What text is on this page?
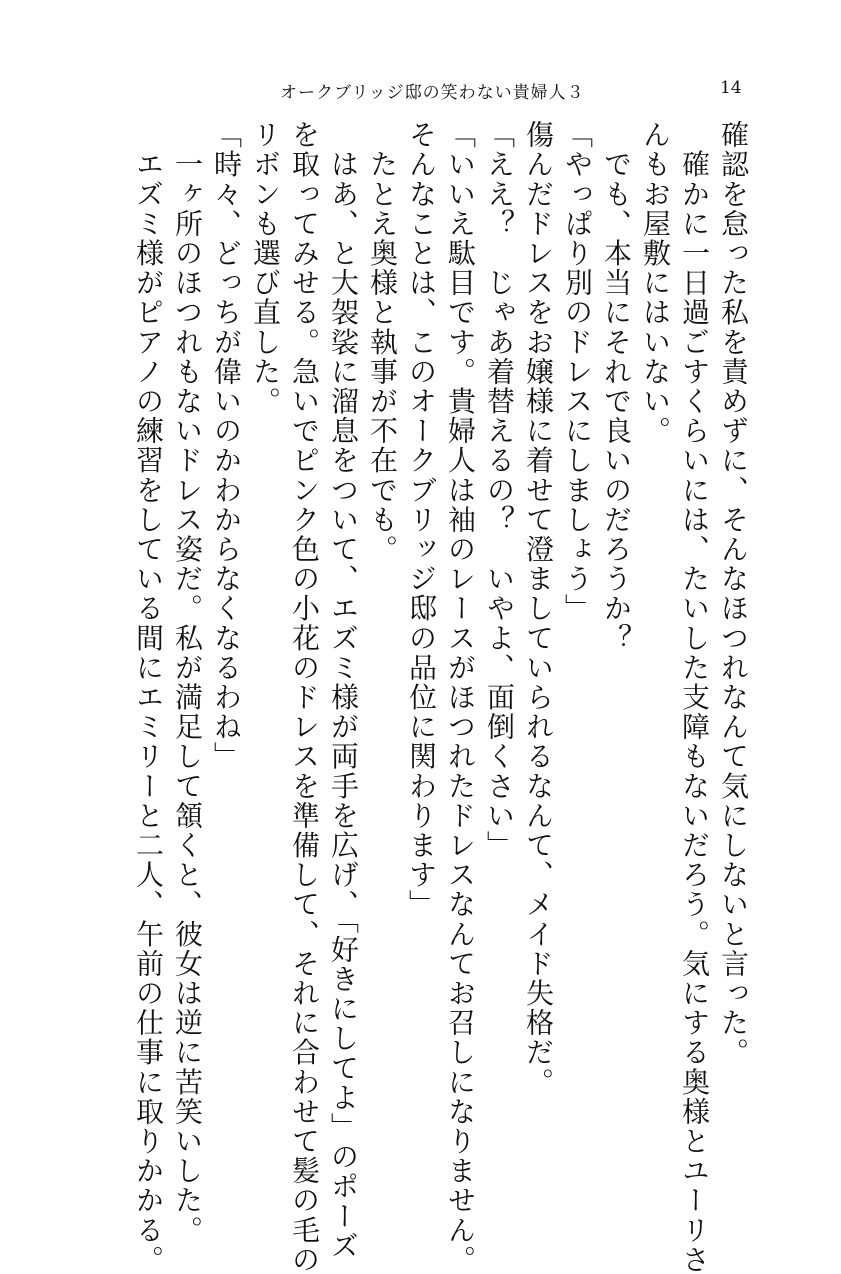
オークブリッジ邸の笑わない貴婦人３	14
確認を怠った私を責めずに、そんなほつれなんて気にしないと言った。
　確かに一日過ごすくらいには、たいした支障もないだろう。気にする奥様とユーリさ
んもお屋敷にはいない。
　でも、本当にそれで良いのだろうか？
「やっぱり別のドレスにしましょう」
傷んだドレスをお嬢様に着せて澄ましていられるなんて、メイド失格だ。
「ええ？　じゃあ着替えるの？　いやよ、面倒くさい」
「いいえ駄目です。貴婦人は袖のレースがほつれたドレスなんてお召しになりません。
そんなことは、このオークブリッジ邸の品位に関わります」
　たとえ奥様と執事が不在でも。
　はあ、と大袈裟に溜息をついて、エズミ様が両手を広げ、「好きにしてよ」のポーズ
を取ってみせる。急いでピンク色の小花のドレスを準備して、それに合わせて髪の毛の
リボンも選び直した。
「時々、どっちが偉いのかわからなくなるわね」
　一ヶ所のほつれもないドレス姿だ。私が満足して頷くと、彼女は逆に苦笑いした。
　エズミ様がピアノの練習をしている間にエミリーと二人、午前の仕事に取りかかる。
